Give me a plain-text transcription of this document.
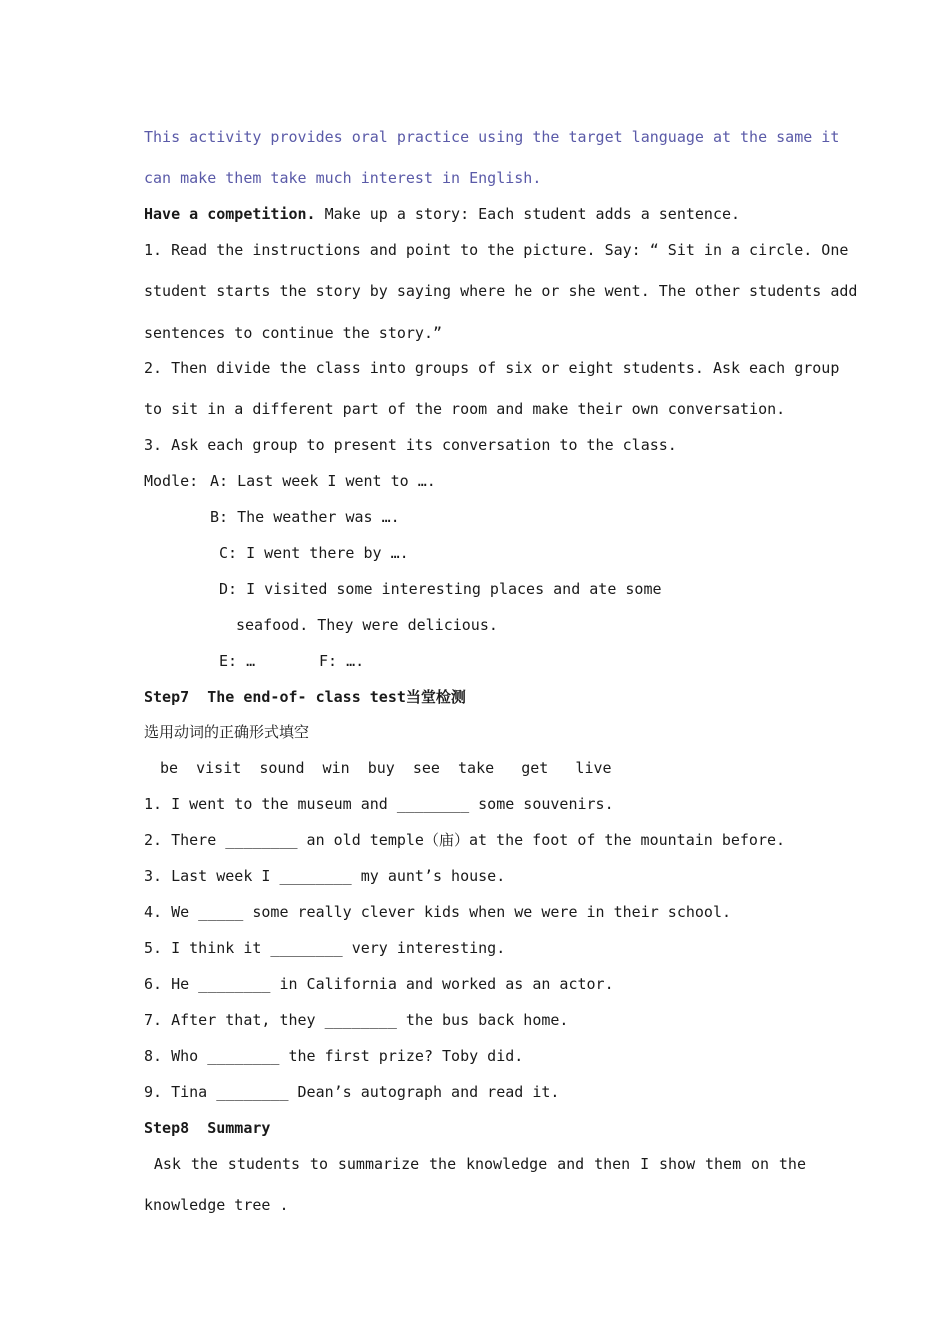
This activity provides oral practice using the target language at the same it
can make them take much interest in English.
Have a competition. Make up a story: Each student adds a sentence.
1. Read the instructions and point to the picture. Say: “ Sit in a circle. One
student starts the story by saying where he or she went. The other students add
sentences to continue the story.”
2. Then divide the class into groups of six or eight students. Ask each group
to sit in a different part of the room and make their own conversation.
3. Ask each group to present its conversation to the class.
Modle: A: Last week I went to ….
B: The weather was ….
C: I went there by ….
D: I visited some interesting places and ate some
seafood. They were delicious.
E: …	F: ….
Step7  The end-of- class test当堂检测
选用动词的正确形式填空
be  visit  sound  win  buy  see  take   get   live
1. I went to the museum and ________ some souvenirs.
2. There ________ an old temple（庙）at the foot of the mountain before.
3. Last week I ________ my aunt’s house.
4. We _____ some really clever kids when we were in their school.
5. I think it ________ very interesting.
6. He ________ in California and worked as an actor.
7. After that, they ________ the bus back home.
8. Who ________ the first prize? Toby did.
9. Tina ________ Dean’s autograph and read it.
Step8  Summary
Ask the students to summarize the knowledge and then I show them on the
knowledge tree .
